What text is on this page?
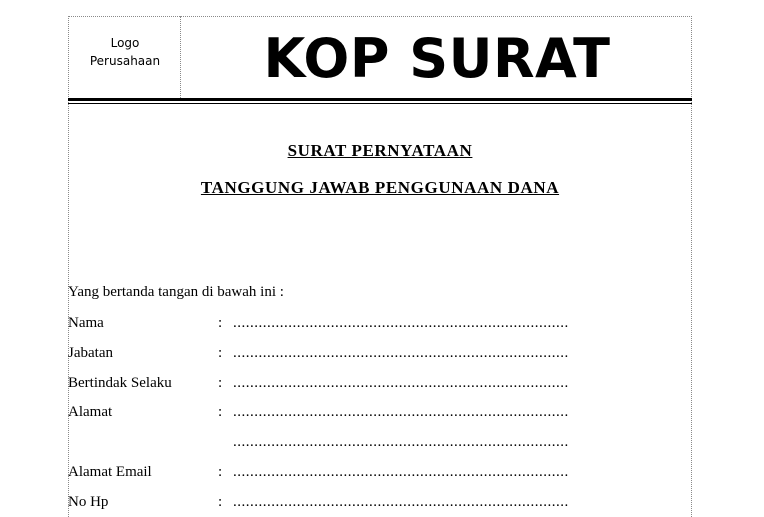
Logo
Perusahaan	KOP SURAT
SURAT PERNYATAAN
TANGGUNG JAWAB PENGGUNAAN DANA
Yang bertanda tangan di bawah ini :
Nama	: ...............................................................................
Jabatan	: ...............................................................................
Bertindak Selaku	: ...............................................................................
Alamat	: ...............................................................................
...............................................................................
Alamat Email	: ...............................................................................
No Hp	: ...............................................................................
